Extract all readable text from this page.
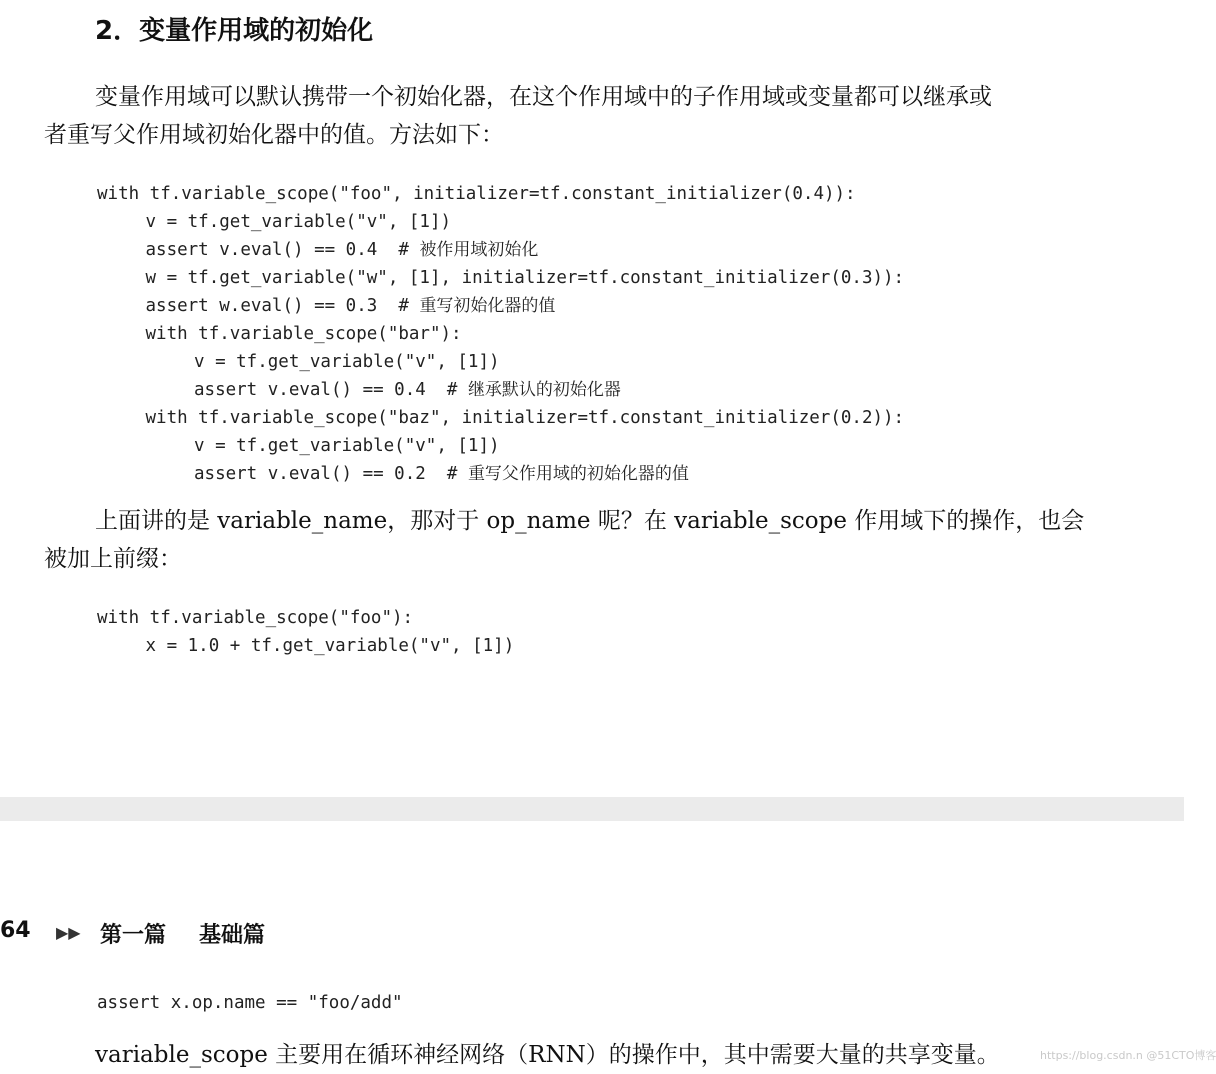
2．变量作用域的初始化
变量作用域可以默认携带一个初始化器，在这个作用域中的子作用域或变量都可以继承或
者重写父作用域初始化器中的值。方法如下：
with tf.variable_scope("foo", initializer=tf.constant_initializer(0.4)):
v = tf.get_variable("v", [1])
assert v.eval() == 0.4  # 被作用域初始化
w = tf.get_variable("w", [1], initializer=tf.constant_initializer(0.3)):
assert w.eval() == 0.3  # 重写初始化器的值
with tf.variable_scope("bar"):
v = tf.get_variable("v", [1])
assert v.eval() == 0.4  # 继承默认的初始化器
with tf.variable_scope("baz", initializer=tf.constant_initializer(0.2)):
v = tf.get_variable("v", [1])
assert v.eval() == 0.2  # 重写父作用域的初始化器的值
上面讲的是 variable_name，那对于 op_name 呢？在 variable_scope 作用域下的操作，也会
被加上前缀：
with tf.variable_scope("foo"):
x = 1.0 + tf.get_variable("v", [1])
64 ▶▶ 第一篇 基础篇
assert x.op.name == "foo/add"
variable_scope 主要用在循环神经网络（RNN）的操作中，其中需要大量的共享变量。	https://blog.csdn.n @51CTO博客
